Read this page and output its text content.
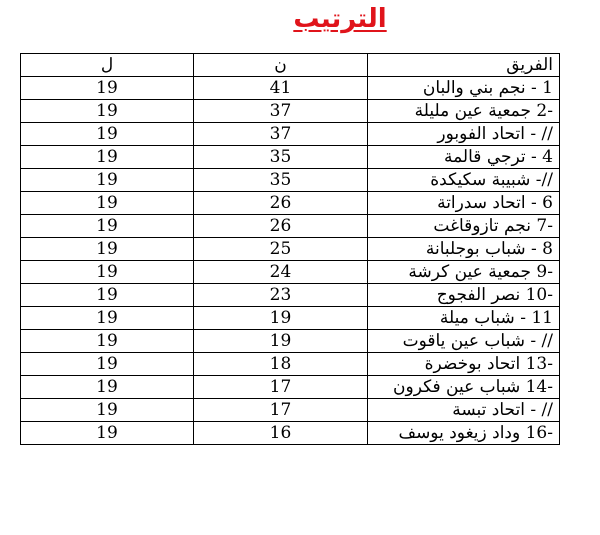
الترتيب
ل	ن	الفريق
19	41	1 - نجم بني والبان
19	37	-2 جمعية عين مليلة
19	37	// - اتحاد الفوبور
19	35	4 - ترجي قالمة
19	35	//- شبيبة سكيكدة
19	26	6 - اتحاد سدراتة
19	26	-7 نجم تازوقاغت
19	25	8 - شباب بوجلبانة
19	24	-9 جمعية عين كرشة
19	23	-10 نصر الفجوج
19	19	11 - شباب ميلة
19	19	// - شباب عين ياقوت
19	18	-13 اتحاد بوخضرة
19	17	-14 شباب عين فكرون
19	17	// - اتحاد تبسة
19	16	-16 وداد زيغود يوسف
